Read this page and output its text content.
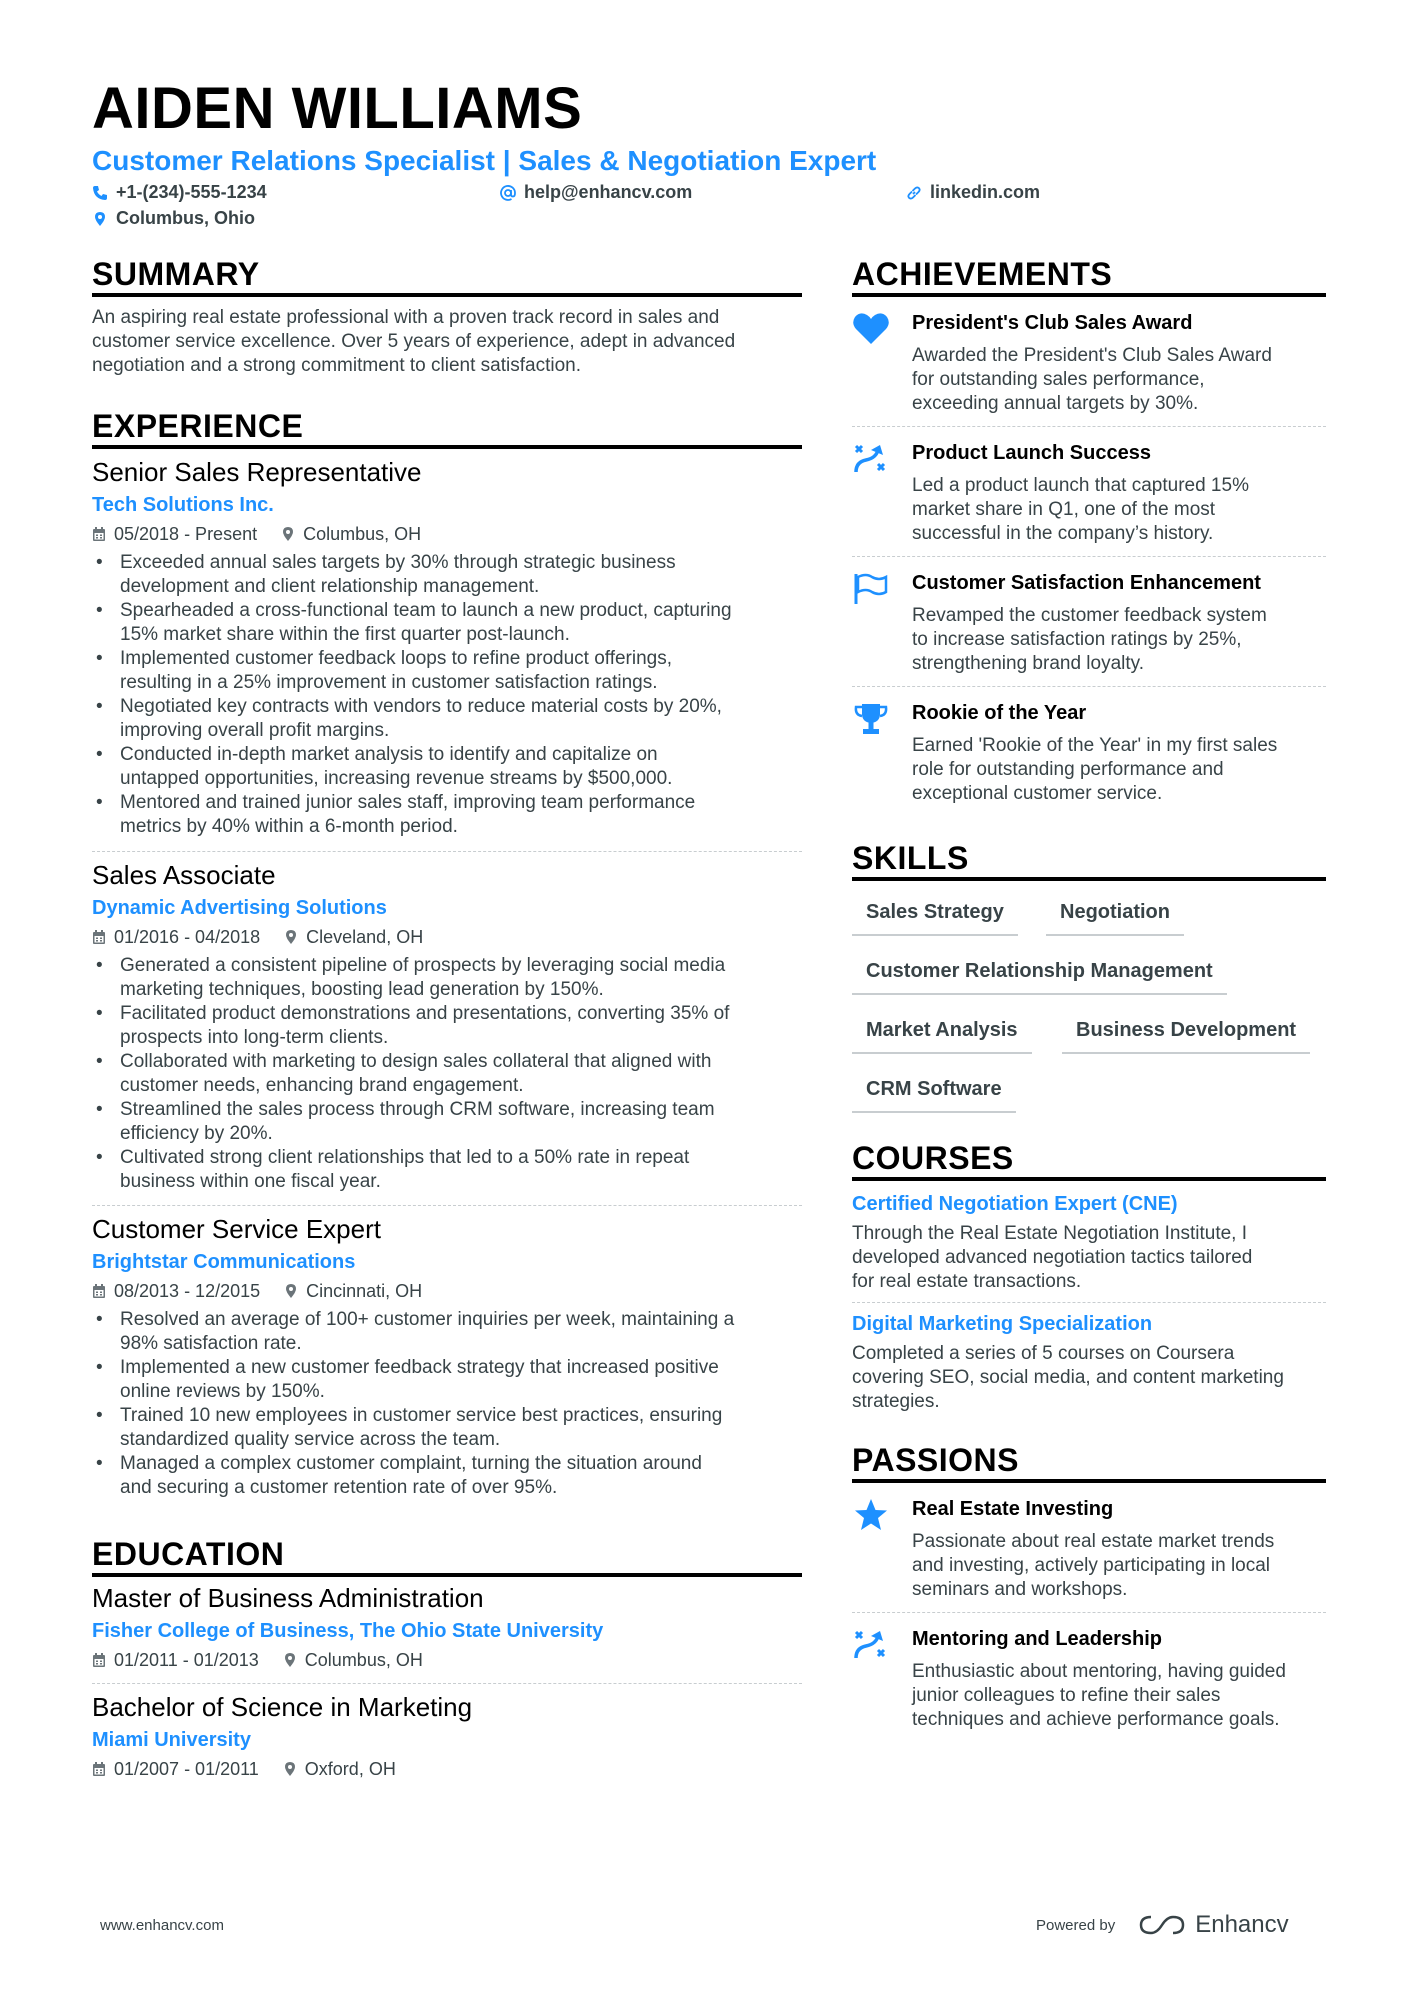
AIDEN WILLIAMS
Customer Relations Specialist | Sales & Negotiation Expert
+1-(234)-555-1234	help@enhancv.com	linkedin.com
Columbus, Ohio
SUMMARY
An aspiring real estate professional with a proven track record in sales and
customer service excellence. Over 5 years of experience, adept in advanced
negotiation and a strong commitment to client satisfaction.
EXPERIENCE
Senior Sales Representative
Tech Solutions Inc.
05/2018 - Present	Columbus, OH
• Exceeded annual sales targets by 30% through strategic business
development and client relationship management.
• Spearheaded a cross-functional team to launch a new product, capturing
15% market share within the first quarter post-launch.
• Implemented customer feedback loops to refine product offerings,
resulting in a 25% improvement in customer satisfaction ratings.
• Negotiated key contracts with vendors to reduce material costs by 20%,
improving overall profit margins.
• Conducted in-depth market analysis to identify and capitalize on
untapped opportunities, increasing revenue streams by $500,000.
• Mentored and trained junior sales staff, improving team performance
metrics by 40% within a 6-month period.
Sales Associate
Dynamic Advertising Solutions
01/2016 - 04/2018	Cleveland, OH
• Generated a consistent pipeline of prospects by leveraging social media
marketing techniques, boosting lead generation by 150%.
• Facilitated product demonstrations and presentations, converting 35% of
prospects into long-term clients.
• Collaborated with marketing to design sales collateral that aligned with
customer needs, enhancing brand engagement.
• Streamlined the sales process through CRM software, increasing team
efficiency by 20%.
• Cultivated strong client relationships that led to a 50% rate in repeat
business within one fiscal year.
Customer Service Expert
Brightstar Communications
08/2013 - 12/2015	Cincinnati, OH
• Resolved an average of 100+ customer inquiries per week, maintaining a
98% satisfaction rate.
• Implemented a new customer feedback strategy that increased positive
online reviews by 150%.
• Trained 10 new employees in customer service best practices, ensuring
standardized quality service across the team.
• Managed a complex customer complaint, turning the situation around
and securing a customer retention rate of over 95%.
EDUCATION
Master of Business Administration
Fisher College of Business, The Ohio State University
01/2011 - 01/2013	Columbus, OH
Bachelor of Science in Marketing
Miami University
01/2007 - 01/2011	Oxford, OH
ACHIEVEMENTS
President's Club Sales Award
Awarded the President's Club Sales Award
for outstanding sales performance,
exceeding annual targets by 30%.
Product Launch Success
Led a product launch that captured 15%
market share in Q1, one of the most
successful in the company’s history.
Customer Satisfaction Enhancement
Revamped the customer feedback system
to increase satisfaction ratings by 25%,
strengthening brand loyalty.
Rookie of the Year
Earned 'Rookie of the Year' in my first sales
role for outstanding performance and
exceptional customer service.
SKILLS
Sales Strategy	Negotiation
Customer Relationship Management
Market Analysis	Business Development
CRM Software
COURSES
Certified Negotiation Expert (CNE)
Through the Real Estate Negotiation Institute, I
developed advanced negotiation tactics tailored
for real estate transactions.
Digital Marketing Specialization
Completed a series of 5 courses on Coursera
covering SEO, social media, and content marketing
strategies.
PASSIONS
Real Estate Investing
Passionate about real estate market trends
and investing, actively participating in local
seminars and workshops.
Mentoring and Leadership
Enthusiastic about mentoring, having guided
junior colleagues to refine their sales
techniques and achieve performance goals.
www.enhancv.com	Powered by	Enhancv
